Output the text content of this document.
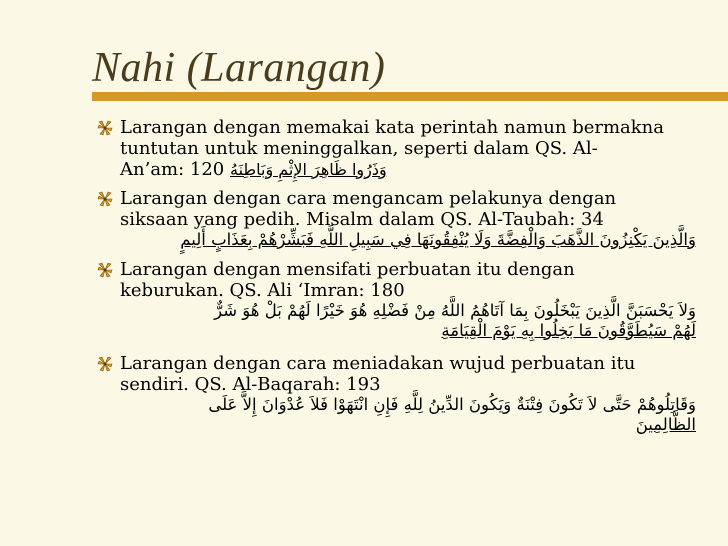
Nahi (Larangan)
Larangan dengan memakai kata perintah namun bermakna
tuntutan untuk meninggalkan, seperti dalam QS. Al-
An’am: 120 وَذَرُوا ظَاهِرَ الإِثْمِ وَبَاطِنَهُ
Larangan dengan cara mengancam pelakunya dengan
siksaan yang pedih. Misalm dalam QS. Al-Taubah: 34
وَالَّذِينَ يَكْنِزُونَ الذَّهَبَ وَالْفِضَّةَ وَلَا يُنْفِقُونَهَا فِي سَبِيلِ اللَّهِ فَبَشِّرْهُمْ بِعَذَابٍ أَلِيمٍ
Larangan dengan mensifati perbuatan itu dengan
keburukan. QS. Ali ‘Imran: 180
وَلاَ يَحْسَبَنَّ الَّذِينَ يَبْخَلُونَ بِمَا آتَاهُمُ اللَّهُ مِنْ فَضْلِهِ هُوَ خَيْرًا لَهُمْ بَلْ هُوَ شَرٌّ
لَهُمْ سَيُطَوَّقُونَ مَا بَخِلُوا بِهِ يَوْمَ الْقِيَامَةِ
Larangan dengan cara meniadakan wujud perbuatan itu
sendiri. QS. Al-Baqarah: 193
وَقَاتِلُوهُمْ حَتَّى لاَ تَكُونَ فِتْنَةٌ وَيَكُونَ الدِّينُ لِلَّهِ فَإِنِ انْتَهَوْا فَلاَ عُدْوَانَ إِلاَّ عَلَى
الظَّالِمِينَ
